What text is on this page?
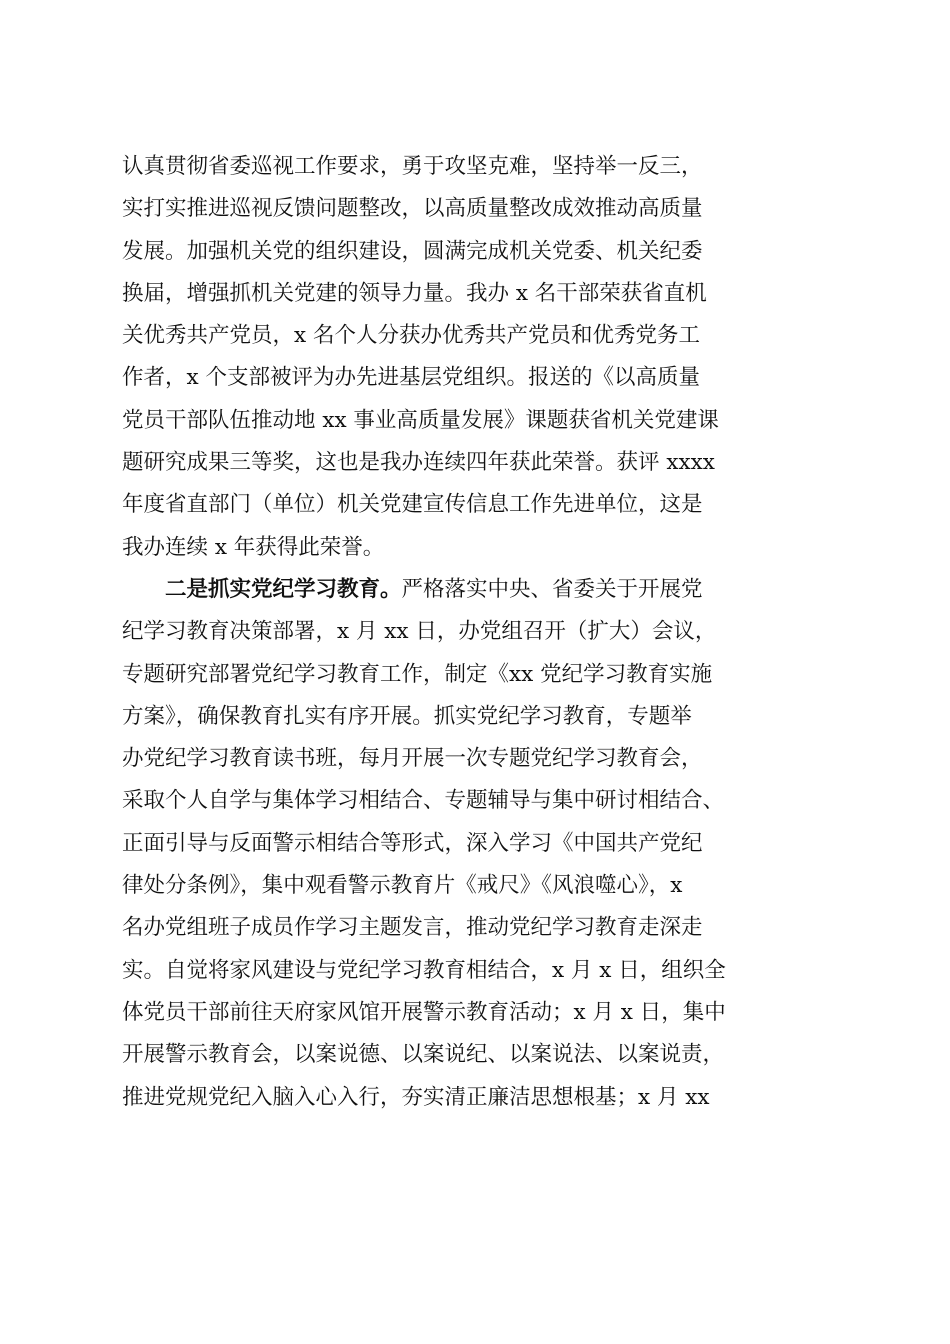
认真贯彻省委巡视工作要求，勇于攻坚克难，坚持举一反三，
实打实推进巡视反馈问题整改，以高质量整改成效推动高质量
发展。加强机关党的组织建设，圆满完成机关党委、机关纪委
换届，增强抓机关党建的领导力量。我办 x 名干部荣获省直机
关优秀共产党员，x 名个人分获办优秀共产党员和优秀党务工
作者，x 个支部被评为办先进基层党组织。报送的《以高质量
党员干部队伍推动地 xx 事业高质量发展》课题获省机关党建课
题研究成果三等奖，这也是我办连续四年获此荣誉。获评 xxxx
年度省直部门（单位）机关党建宣传信息工作先进单位，这是
我办连续 x 年获得此荣誉。
二是抓实党纪学习教育。严格落实中央、省委关于开展党
纪学习教育决策部署，x 月 xx 日，办党组召开（扩大）会议，
专题研究部署党纪学习教育工作，制定《xx 党纪学习教育实施
方案》，确保教育扎实有序开展。抓实党纪学习教育，专题举
办党纪学习教育读书班，每月开展一次专题党纪学习教育会，
采取个人自学与集体学习相结合、专题辅导与集中研讨相结合、
正面引导与反面警示相结合等形式，深入学习《中国共产党纪
律处分条例》，集中观看警示教育片《戒尺》《风浪噬心》，x
名办党组班子成员作学习主题发言，推动党纪学习教育走深走
实。自觉将家风建设与党纪学习教育相结合，x 月 x 日，组织全
体党员干部前往天府家风馆开展警示教育活动；x 月 x 日，集中
开展警示教育会，以案说德、以案说纪、以案说法、以案说责，
推进党规党纪入脑入心入行，夯实清正廉洁思想根基；x 月 xx
